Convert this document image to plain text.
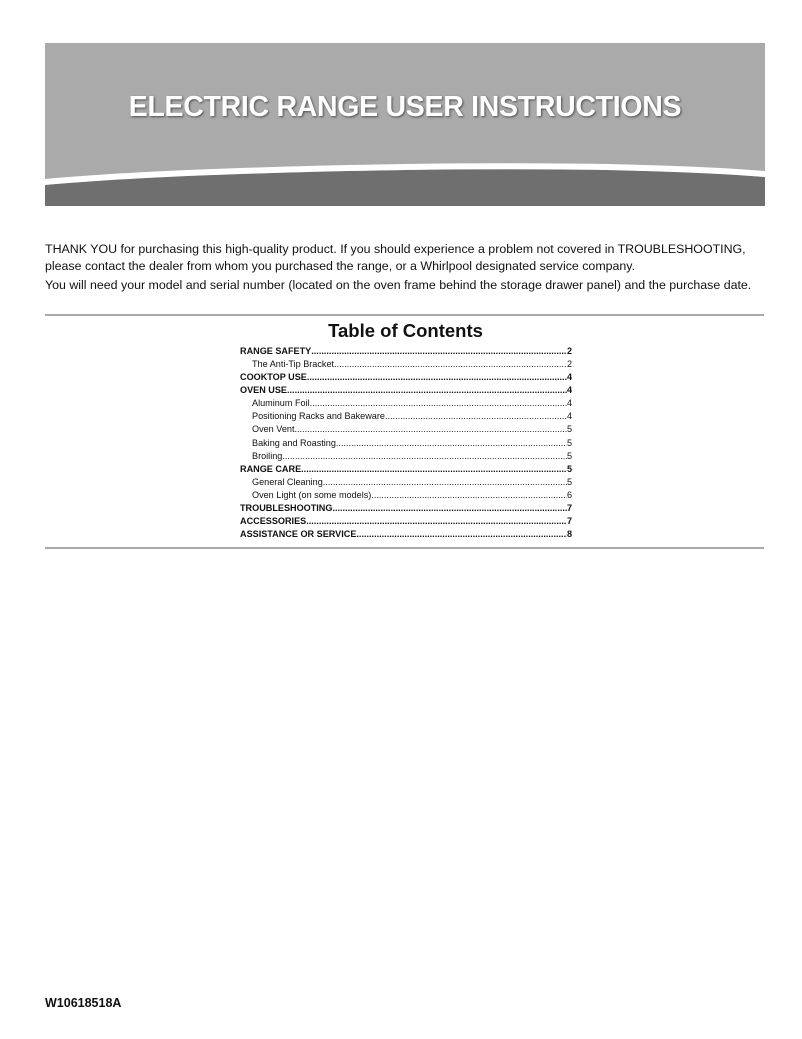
ELECTRIC RANGE USER INSTRUCTIONS

THANK YOU for purchasing this high-quality product. If you should experience a problem not covered in TROUBLESHOOTING, please contact the dealer from whom you purchased the range, or a Whirlpool designated service company.

You will need your model and serial number (located on the oven frame behind the storage drawer panel) and the purchase date.

Table of Contents
RANGE SAFETY .....	2
The Anti-Tip Bracket .....	2
COOKTOP USE .....	4
OVEN USE .....	4
Aluminum Foil .....	4
Positioning Racks and Bakeware .....	4
Oven Vent .....	5
Baking and Roasting .....	5
Broiling .....	5
RANGE CARE .....	5
General Cleaning .....	5
Oven Light (on some models) .....	6
TROUBLESHOOTING .....	7
ACCESSORIES .....	7
ASSISTANCE OR SERVICE .....	8
W10618518A
